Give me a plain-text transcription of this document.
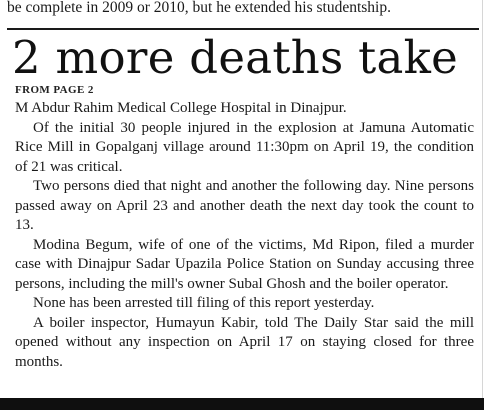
be complete in 2009 or 2010, but he extended his studentship.
2 more deaths take
FROM PAGE 2

M Abdur Rahim Medical College Hospital in Dinajpur.

Of the initial 30 people injured in the explosion at Jamuna Automatic Rice Mill in Gopalganj village around 11:30pm on April 19, the condition of 21 was critical.

Two persons died that night and another the following day. Nine persons passed away on April 23 and another death the next day took the count to 13.

Modina Begum, wife of one of the victims, Md Ripon, filed a murder case with Dinajpur Sadar Upazila Police Station on Sunday accusing three persons, including the mill's owner Subal Ghosh and the boiler operator.

None has been arrested till filing of this report yesterday.

A boiler inspector, Humayun Kabir, told The Daily Star said the mill opened without any inspection on April 17 on staying closed for three months.
